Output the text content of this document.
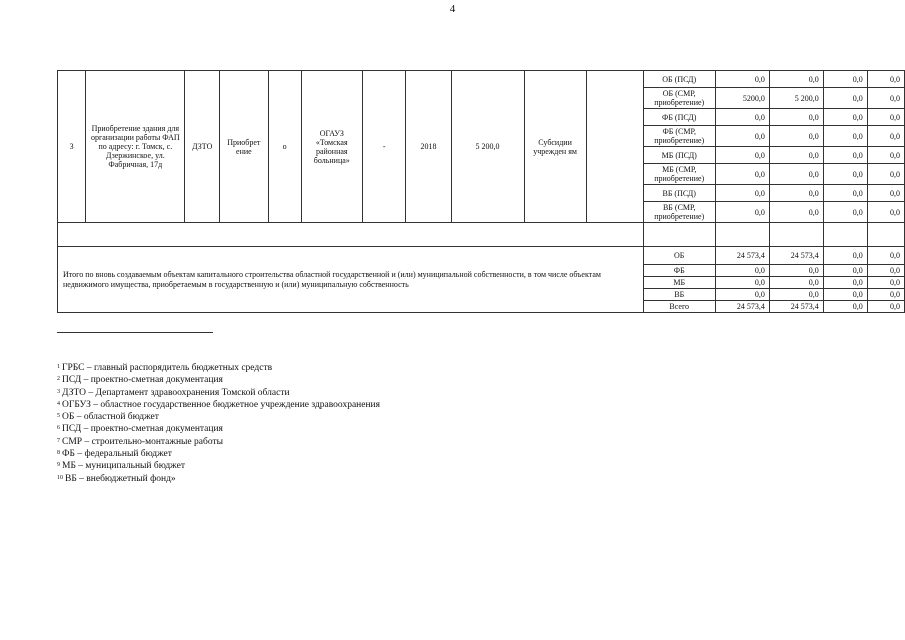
4
3	Приобретение здания для организации работы ФАП по адресу: г. Томск, с. Дзержинское, ул. Фабричная, 17д	ДЗТО	Приобрет ение	о	ОГАУЗ «Томская районная больница»	-	2018	5 200,0	Субсидии учрежден ям		ОБ (ПСД)	0,0	0,0	0,0	0,0
											ОБ (СМР, приобретение)	5200,0	5 200,0	0,0	0,0
											ФБ (ПСД)	0,0	0,0	0,0	0,0
											ФБ (СМР, приобретение)	0,0	0,0	0,0	0,0
											МБ (ПСД)	0,0	0,0	0,0	0,0
											МБ (СМР, приобретение)	0,0	0,0	0,0	0,0
											ВБ (ПСД)	0,0	0,0	0,0	0,0
											ВБ (СМР, приобретение)	0,0	0,0	0,0	0,0

Итого по вновь создаваемым объектам капитального строительства областной государственной и (или) муниципальной собственности, в том числе объектам недвижимого имущества, приобретаемым в государственную и (или) муниципальную собственность											ОБ	24 573,4	24 573,4	0,0	0,0
											ФБ	0,0	0,0	0,0	0,0
											МБ	0,0	0,0	0,0	0,0
											ВБ	0,0	0,0	0,0	0,0
											Всего	24 573,4	24 573,4	0,0	0,0
$^1$ ГРБС – главный распорядитель бюджетных средств
$^2$ ПСД – проектно-сметная документация
$^3$ ДЗТО – Департамент здравоохранения Томской области
$^4$ ОГБУЗ – областное государственное бюджетное учреждение здравоохранения
$^5$ ОБ – областной бюджет
$^6$ ПСД – проектно-сметная документация
$^7$ СМР – строительно-монтажные работы
$^8$ ФБ – федеральный бюджет
$^9$ МБ – муниципальный бюджет
$^{10}$ ВБ – внебюджетный фонд»
